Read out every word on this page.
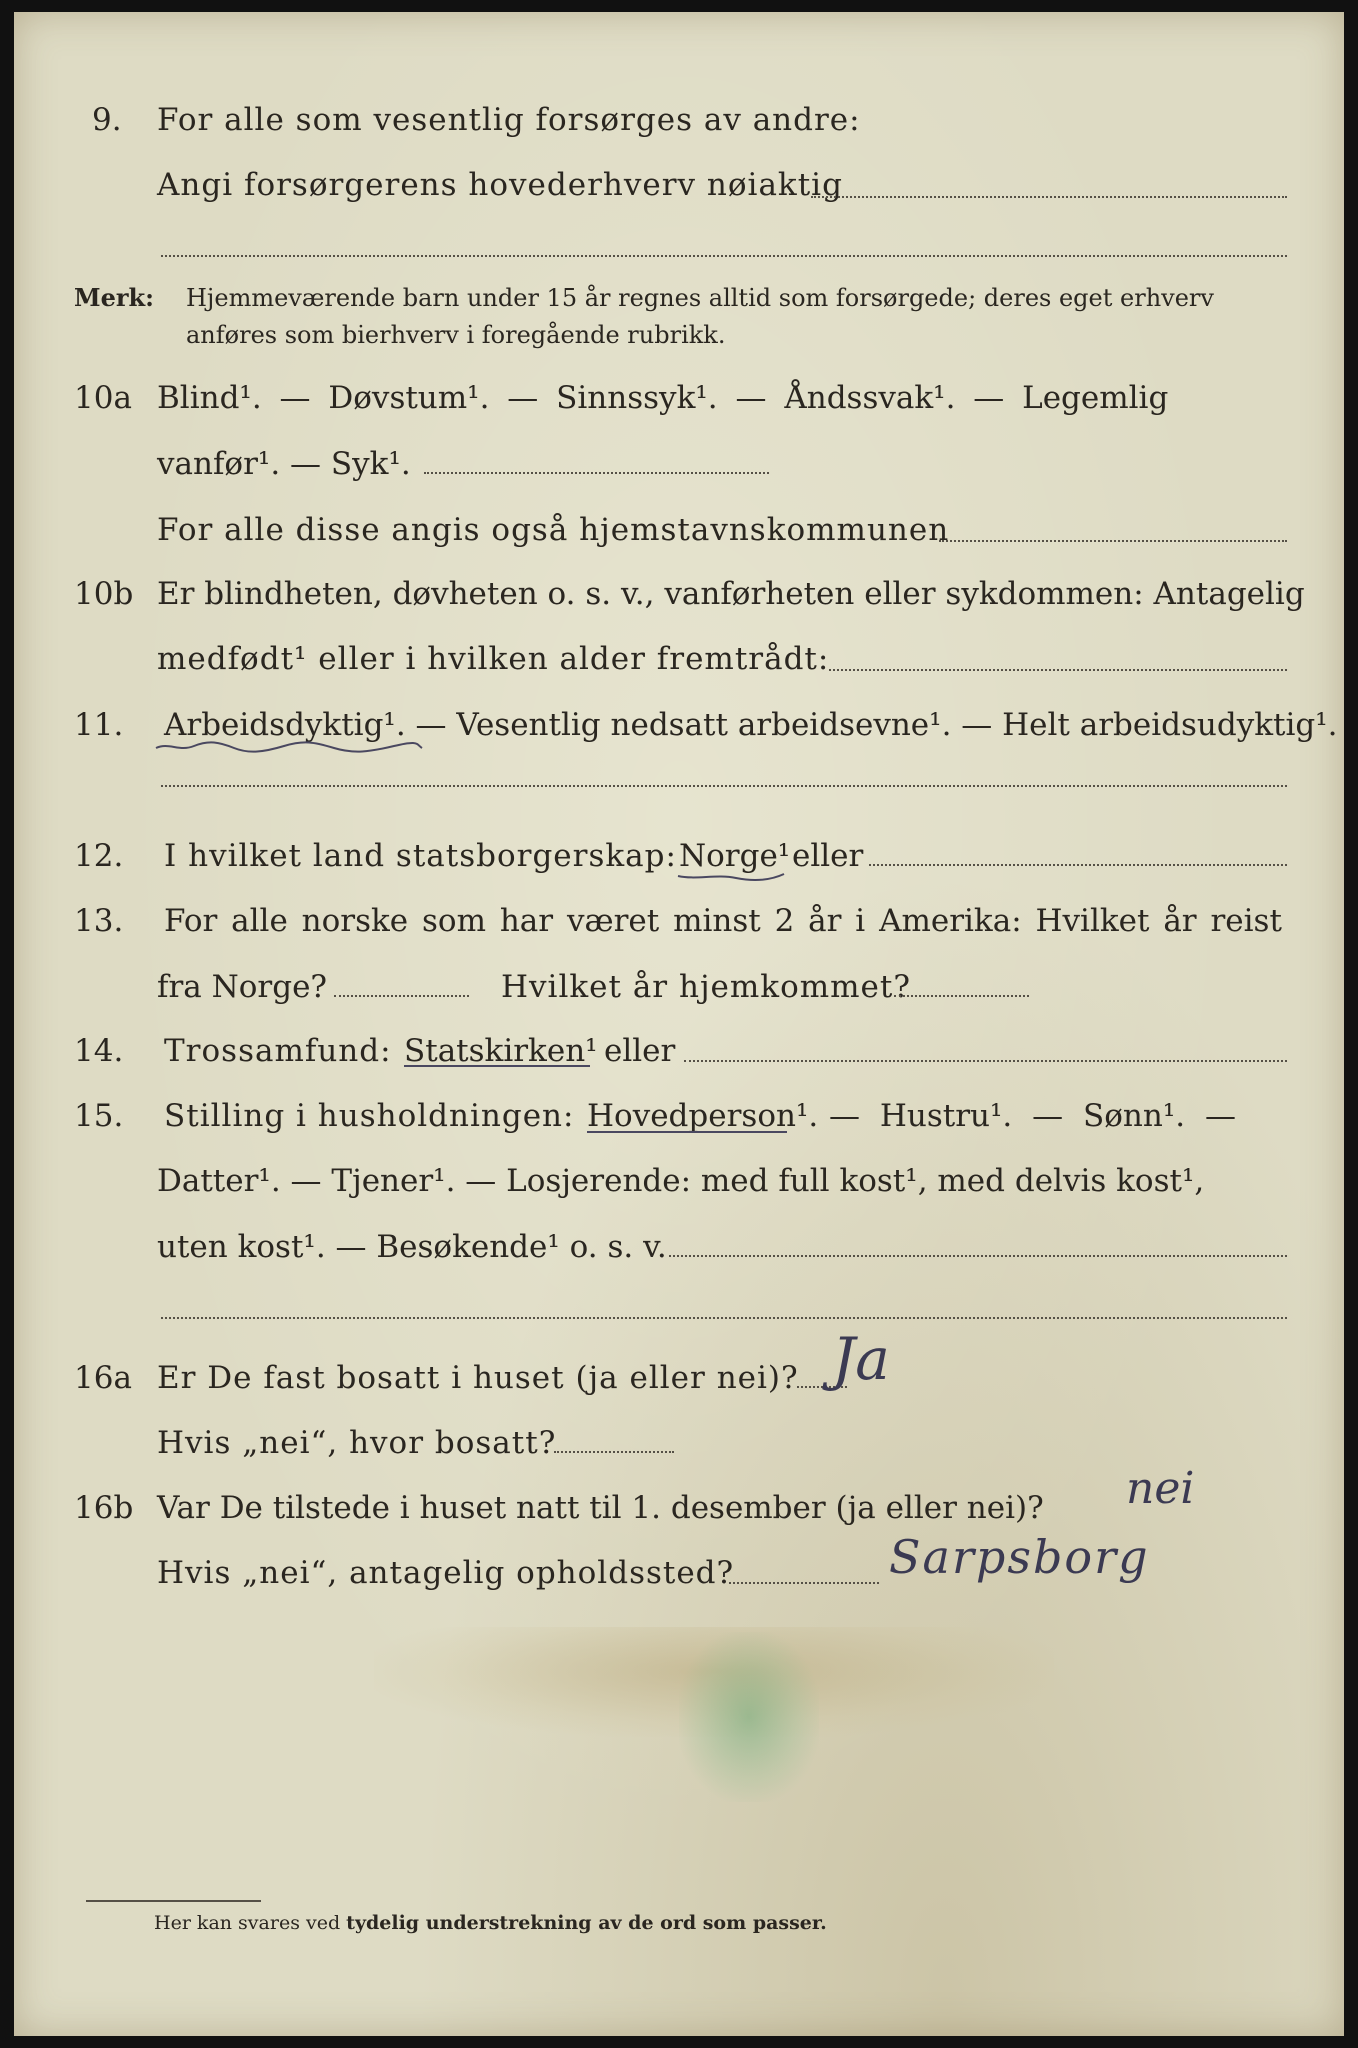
9. For alle som vesentlig forsørges av andre:
Angi forsørgerens hovederhverv nøiaktig
Merk: Hjemmeværende barn under 15 år regnes alltid som forsørgede; deres eget erhverv
anføres som bierhverv i foregående rubrikk.
10a Blind¹. — Døvstum¹. — Sinnssyk¹. — Åndssvak¹. — Legemlig
vanfør¹. — Syk¹.
For alle disse angis også hjemstavnskommunen
10b Er blindheten, døvheten o. s. v., vanførheten eller sykdommen: Antagelig
medfødt¹ eller i hvilken alder fremtrådt:
11. Arbeidsdyktig¹. — Vesentlig nedsatt arbeidsevne¹. — Helt arbeidsudyktig¹.
12. I hvilket land statsborgerskap: Norge¹ eller
13. For alle norske som har været minst 2 år i Amerika: Hvilket år reist
fra Norge?	Hvilket år hjemkommet?
14. Trossamfund: Statskirken¹ eller
15. Stilling i husholdningen: Hovedperson¹. — Hustru¹. — Sønn¹. —
Datter¹. — Tjener¹. — Losjerende: med full kost¹, med delvis kost¹,
uten kost¹. — Besøkende¹ o. s. v.
16a Er De fast bosatt i huset (ja eller nei)? Ja
Hvis „nei“, hvor bosatt?
16b Var De tilstede i huset natt til 1. desember (ja eller nei)? nei
Hvis „nei“, antagelig opholdssted?	Sarpsborg
Her kan svares ved tydelig understrekning av de ord som passer.
